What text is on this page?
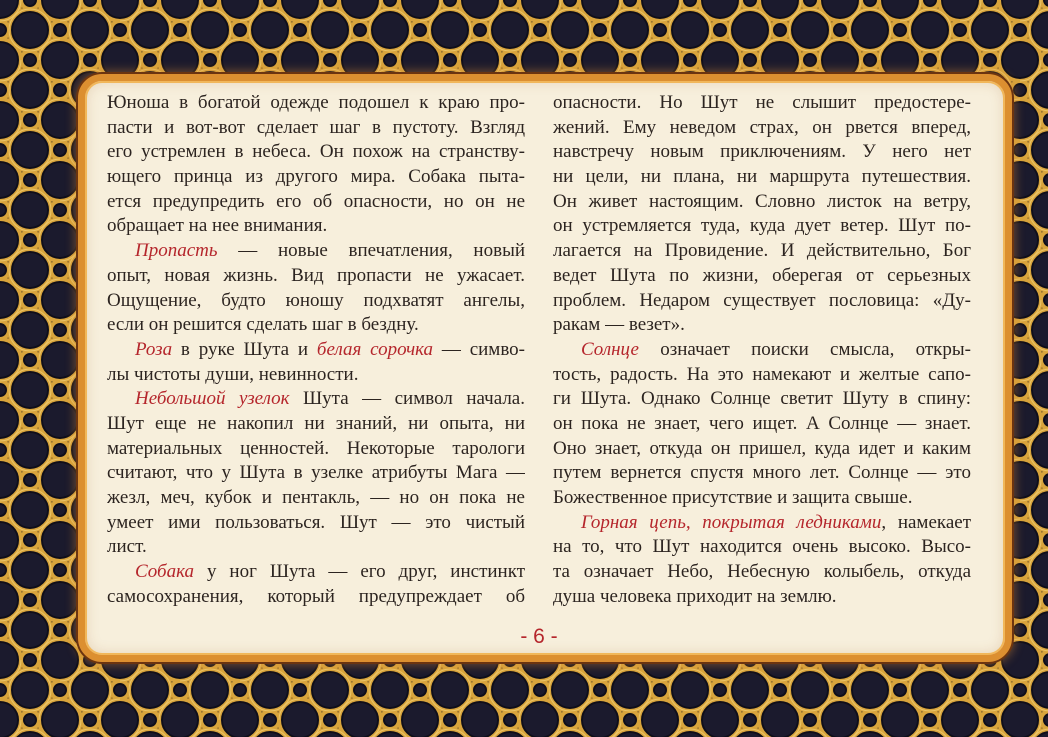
Юноша в богатой одежде подошел к краю про-
пасти и вот-вот сделает шаг в пустоту. Взгляд
его устремлен в небеса. Он похож на странству-
ющего принца из другого мира. Собака пыта-
ется предупредить его об опасности, но он не
обращает на нее внимания.
Пропасть — новые впечатления, новый
опыт, новая жизнь. Вид пропасти не ужасает.
Ощущение, будто юношу подхватят ангелы,
если он решится сделать шаг в бездну.
Роза в руке Шута и белая сорочка — симво-
лы чистоты души, невинности.
Небольшой узелок Шута — символ начала.
Шут еще не накопил ни знаний, ни опыта, ни
материальных ценностей. Некоторые тарологи
считают, что у Шута в узелке атрибуты Мага —
жезл, меч, кубок и пентакль, — но он пока не
умеет ими пользоваться. Шут — это чистый
лист.
Собака у ног Шута — его друг, инстинкт
самосохранения, который предупреждает об
опасности. Но Шут не слышит предостере-
жений. Ему неведом страх, он рвется вперед,
навстречу новым приключениям. У него нет
ни цели, ни плана, ни маршрута путешествия.
Он живет настоящим. Словно листок на ветру,
он устремляется туда, куда дует ветер. Шут по-
лагается на Провидение. И действительно, Бог
ведет Шута по жизни, оберегая от серьезных
проблем. Недаром существует пословица: «Ду-
ракам — везет».
Солнце означает поиски смысла, откры-
тость, радость. На это намекают и желтые сапо-
ги Шута. Однако Солнце светит Шуту в спину:
он пока не знает, чего ищет. А Солнце — знает.
Оно знает, откуда он пришел, куда идет и каким
путем вернется спустя много лет. Солнце — это
Божественное присутствие и защита свыше.
Горная цепь, покрытая ледниками, намекает
на то, что Шут находится очень высоко. Высо-
та означает Небо, Небесную колыбель, откуда
душа человека приходит на землю.
- 6 -
